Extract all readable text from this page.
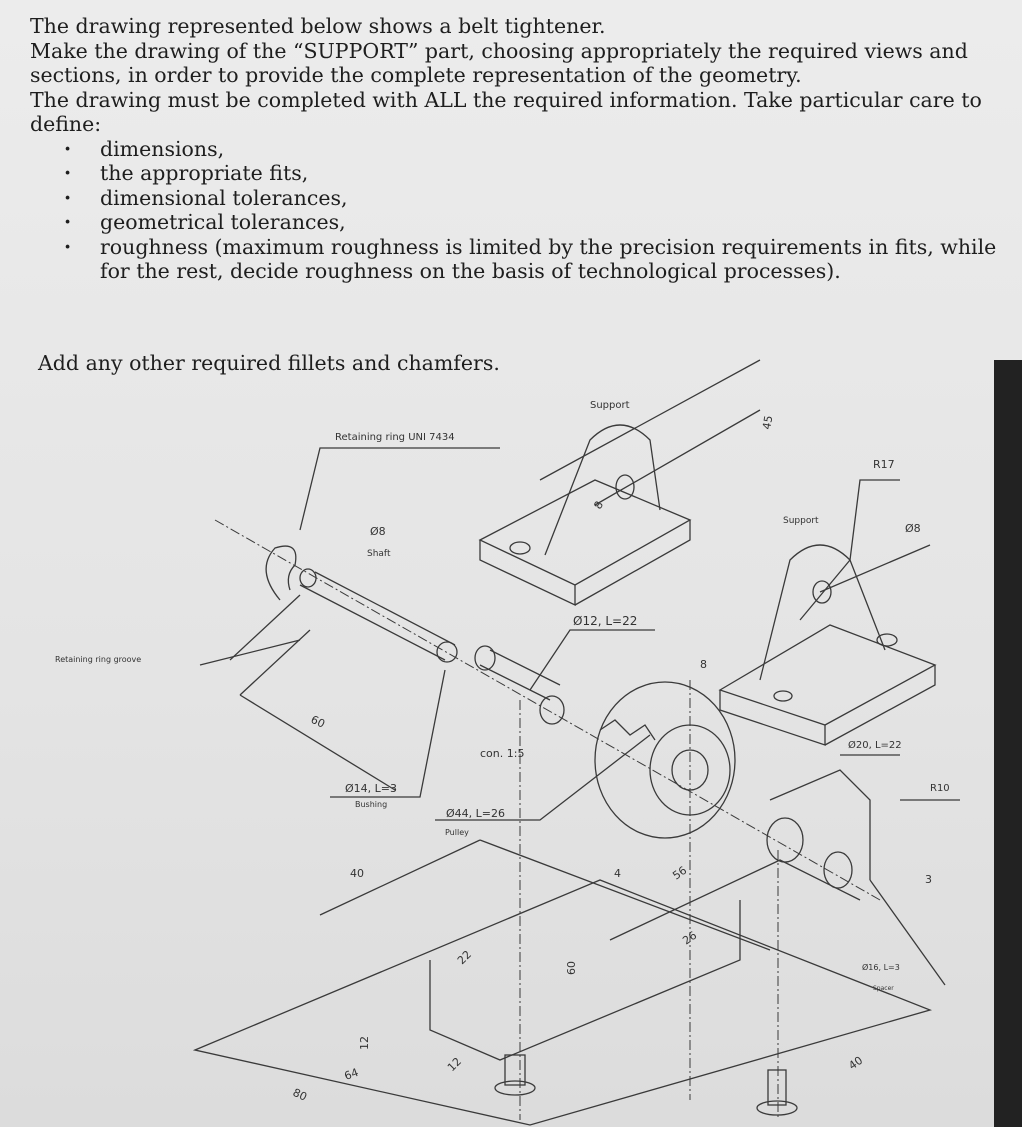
The drawing represented below shows a belt tightener.

Make the drawing of the “SUPPORT” part, choosing appropriately the required views and sections, in order to provide the complete representation of the geometry.

The drawing must be completed with ALL the required information. Take particular care to define:

· dimensions,
· the appropriate fits,
· dimensional tolerances,
· geometrical tolerances,
· roughness (maximum roughness is limited by the precision requirements in fits, while for the rest, decide roughness on the basis of technological processes).

Add any other required fillets and chamfers.

Support
Retaining ring UNI 7434
Retaining ring groove
Ø8
Shaft
R17
Support
Ø8
Ø12, L=22
con. 1:5
Ø20, L=22
R10
Ø14, L=3
Bushing
Ø44, L=26
Pulley
Ø16, L=3
Spacer
45
8
8
60
40	56
26
22
12
12
64
80
40
60
3
4
